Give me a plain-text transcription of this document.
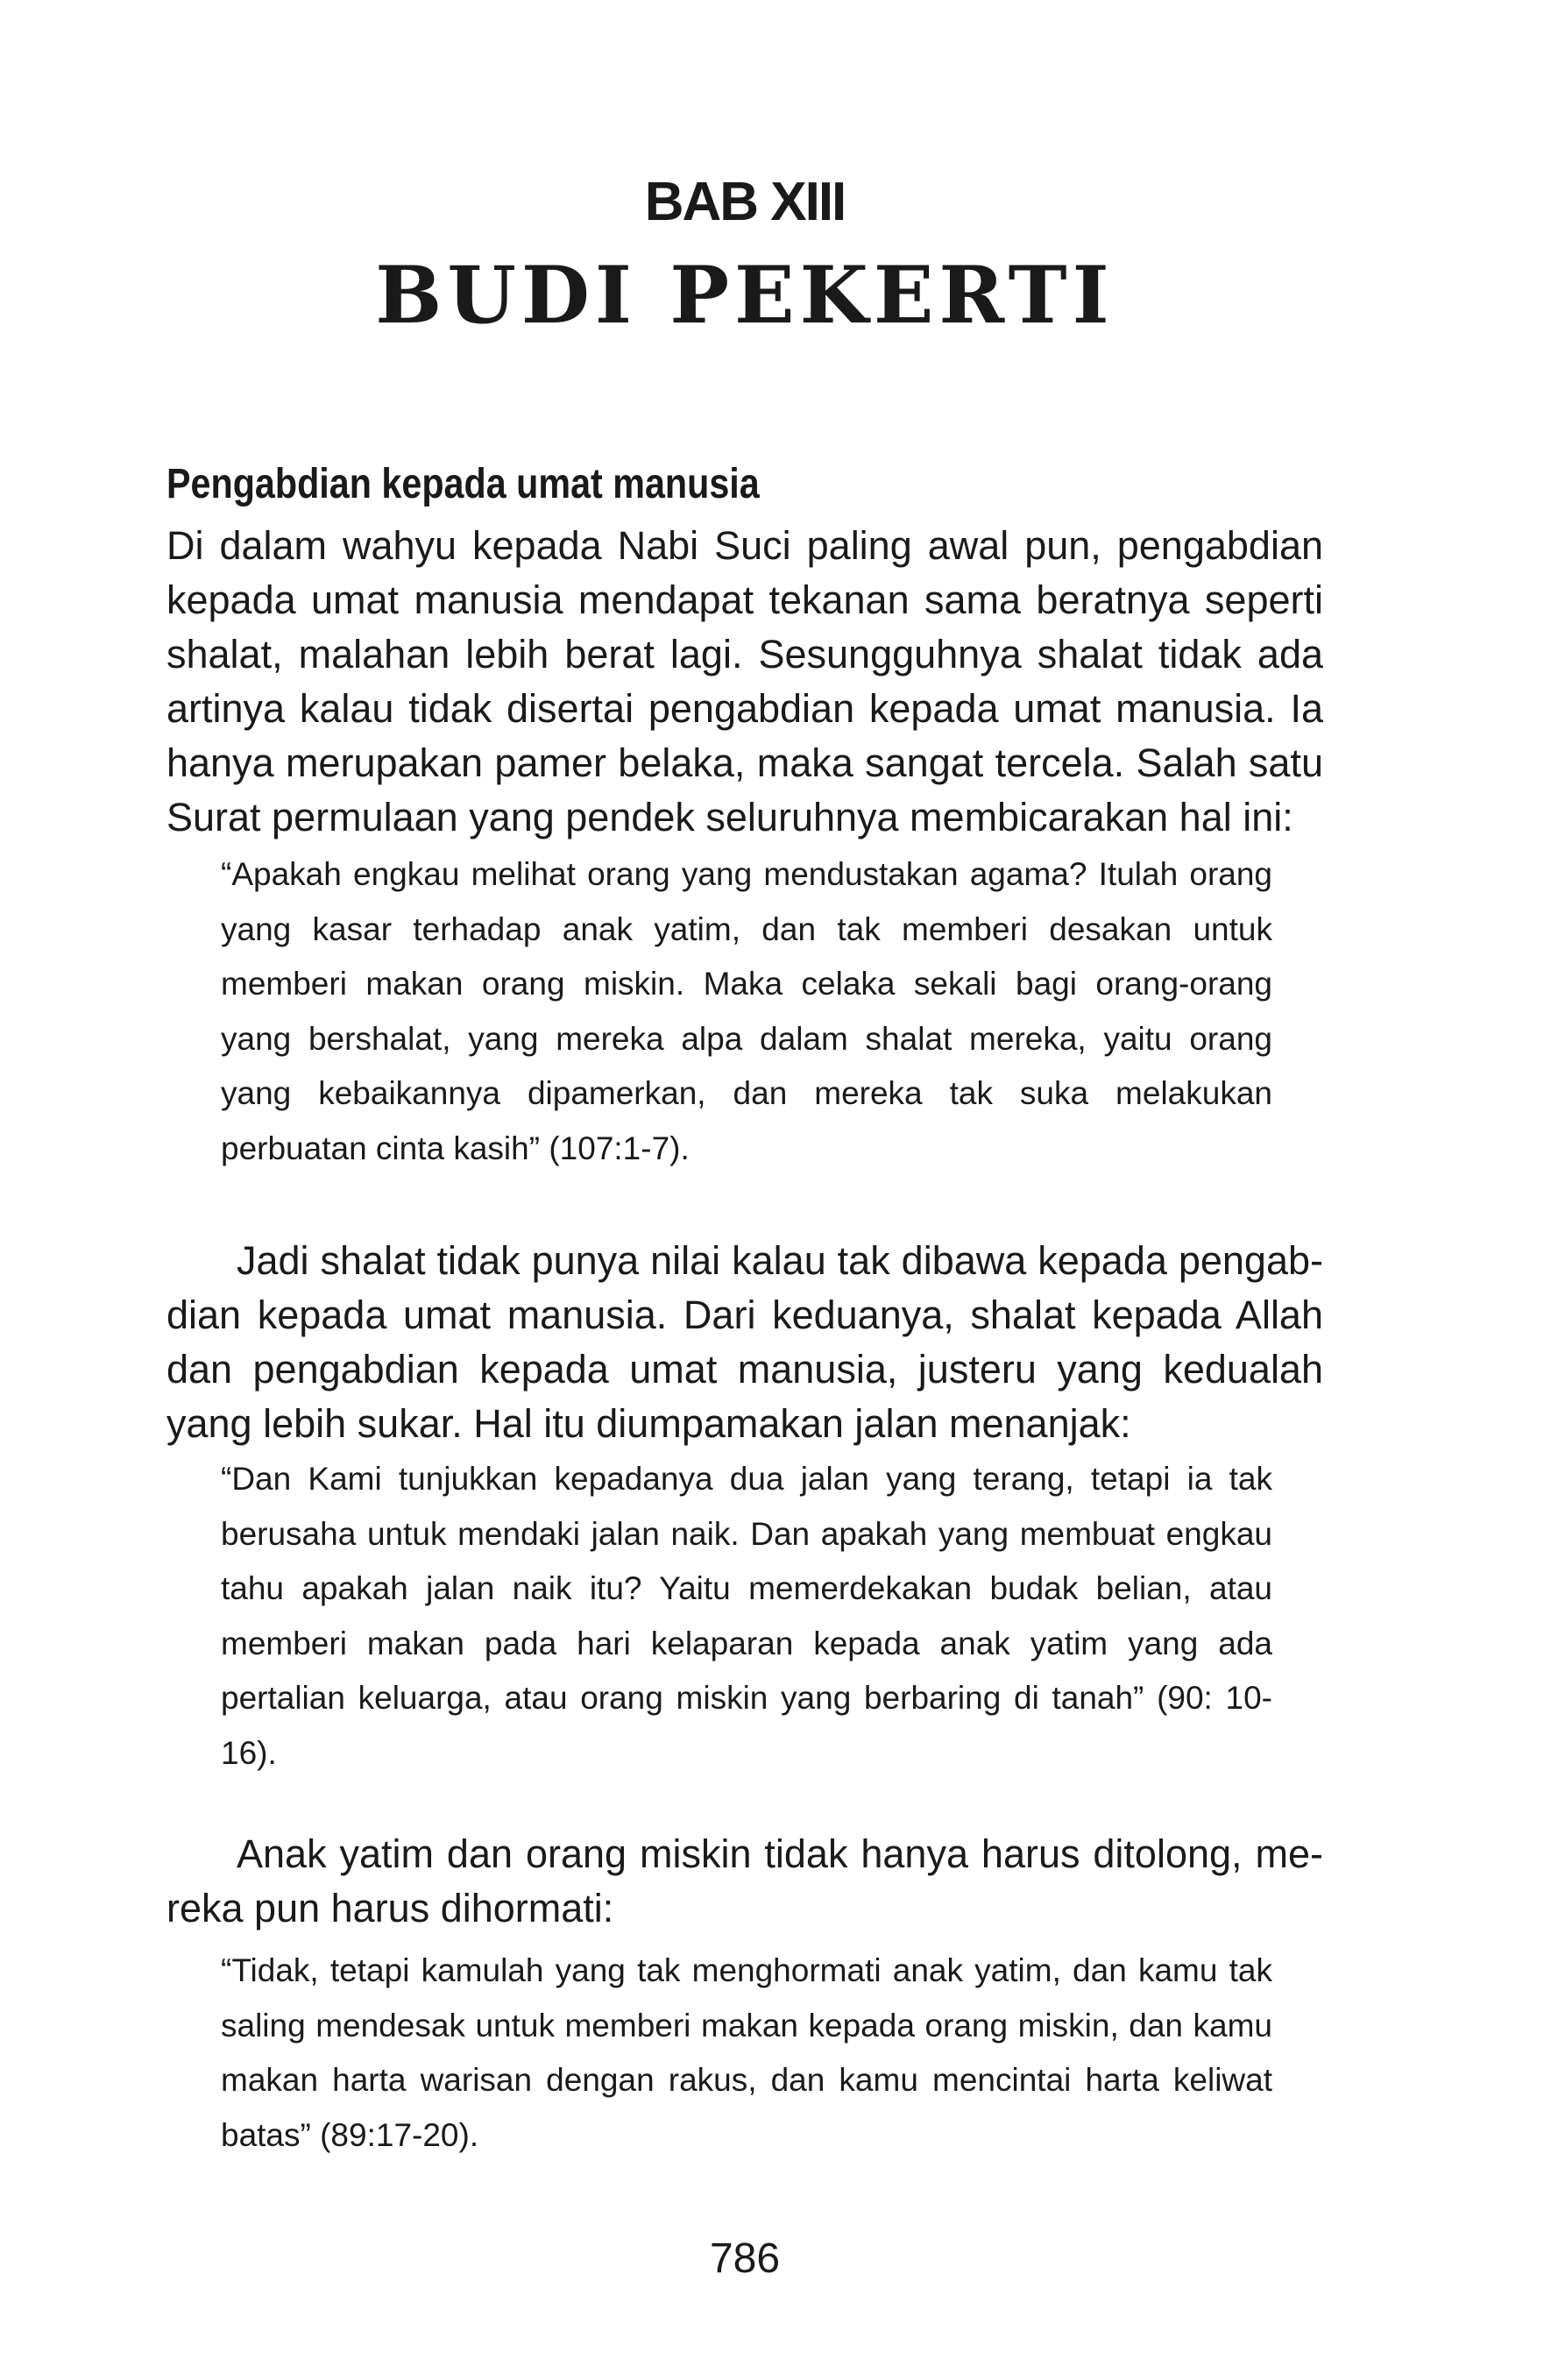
BAB XIII
BUDI PEKERTI
Pengabdian kepada umat manusia

Di dalam wahyu kepada Nabi Suci paling awal pun, pengabdian kepada umat manusia mendapat tekanan sama beratnya seperti shalat, malahan lebih berat lagi. Sesungguhnya shalat tidak ada artinya kalau tidak disertai pengabdian kepada umat manusia. Ia hanya merupakan pamer belaka, maka sangat tercela. Salah satu Surat permulaan yang pendek seluruhnya membicarakan hal ini:

“Apakah engkau melihat orang yang mendustakan agama? Itulah orang yang kasar terhadap anak yatim, dan tak memberi desakan untuk memberi makan orang miskin. Maka celaka sekali bagi orang-orang yang bershalat, yang mereka alpa dalam shalat mereka, yaitu orang yang kebaikannya dipamerkan, dan mereka tak suka melakukan perbuatan cinta kasih” (107:1-7).

Jadi shalat tidak punya nilai kalau tak dibawa kepada pengabdian kepada umat manusia. Dari keduanya, shalat kepada Allah dan pengabdian kepada umat manusia, justeru yang kedualah yang lebih sukar. Hal itu diumpamakan jalan menanjak:

“Dan Kami tunjukkan kepadanya dua jalan yang terang, tetapi ia tak berusaha untuk mendaki jalan naik. Dan apakah yang membuat engkau tahu apakah jalan naik itu? Yaitu memerdekakan budak belian, atau memberi makan pada hari kelaparan kepada anak yatim yang ada pertalian keluarga, atau orang miskin yang berbaring di tanah” (90: 10-16).

Anak yatim dan orang miskin tidak hanya harus ditolong, mereka pun harus dihormati:

“Tidak, tetapi kamulah yang tak menghormati anak yatim, dan kamu tak saling mendesak untuk memberi makan kepada orang miskin, dan kamu makan harta warisan dengan rakus, dan kamu mencintai harta keliwat batas” (89:17-20).

786
